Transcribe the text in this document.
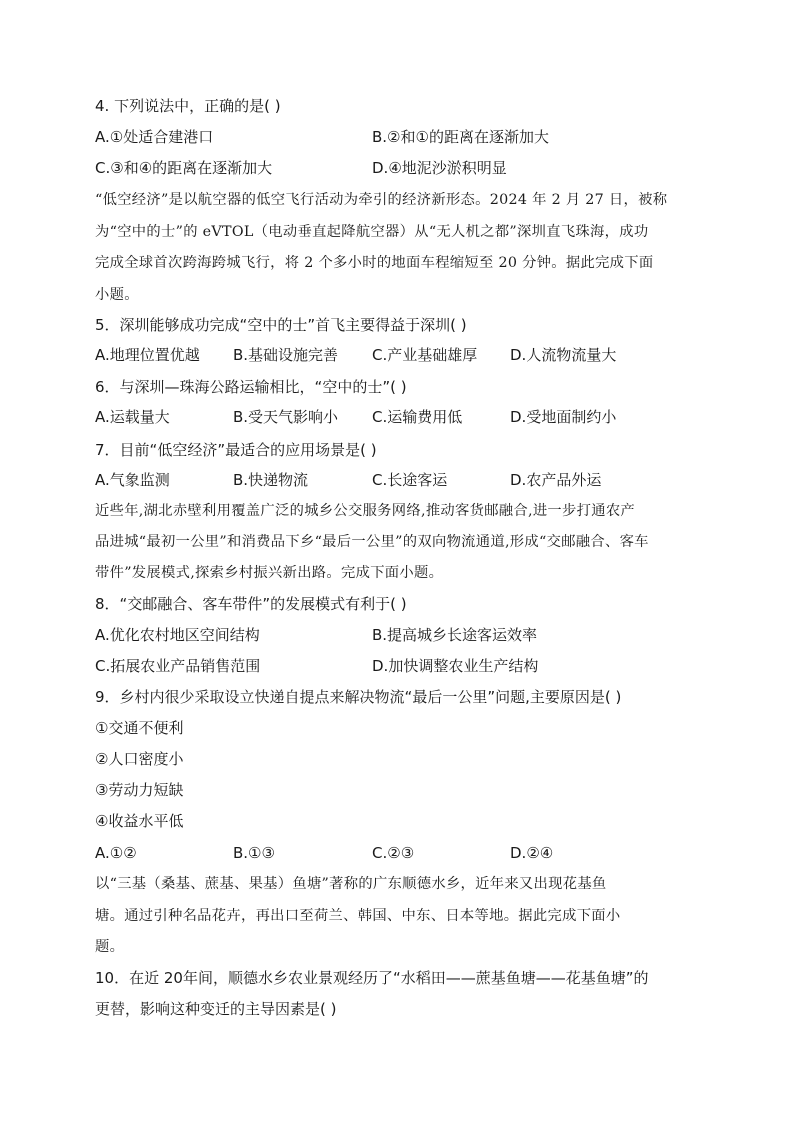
4. 下列说法中，正确的是( )
A.①处适合建港口	B.②和①的距离在逐渐加大
C.③和④的距离在逐渐加大	D.④地泥沙淤积明显
“低空经济”是以航空器的低空飞行活动为牵引的经济新形态。2024 年 2 月 27 日，被称
为“空中的士”的 eVTOL（电动垂直起降航空器）从“无人机之都”深圳直飞珠海，成功
完成全球首次跨海跨城飞行，将 2 个多小时的地面车程缩短至 20 分钟。据此完成下面
小题。
5．深圳能够成功完成“空中的士”首飞主要得益于深圳( )
A.地理位置优越 B.基础设施完善 C.产业基础雄厚 D.人流物流量大
6．与深圳—珠海公路运输相比，“空中的士”( )
A.运载量大	B.受天气影响小 C.运输费用低	D.受地面制约小
7．目前“低空经济”最适合的应用场景是( )
A.气象监测	B.快递物流	C.长途客运	D.农产品外运
近些年,湖北赤壁利用覆盖广泛的城乡公交服务网络,推动客货邮融合,进一步打通农产
品进城“最初一公里”和消费品下乡“最后一公里”的双向物流通道,形成“交邮融合、客车
带件”发展模式,探索乡村振兴新出路。完成下面小题。
8．“交邮融合、客车带件”的发展模式有利于( )
A.优化农村地区空间结构	B.提高城乡长途客运效率
C.拓展农业产品销售范围	D.加快调整农业生产结构
9．乡村内很少采取设立快递自提点来解决物流“最后一公里”问题,主要原因是( )
①交通不便利
②人口密度小
③劳动力短缺
④收益水平低
A.①②	B.①③	C.②③	D.②④
以“三基（桑基、蔗基、果基）鱼塘”著称的广东顺德水乡，近年来又出现花基鱼
塘。通过引种名品花卉，再出口至荷兰、韩国、中东、日本等地。据此完成下面小
题。
10．在近 20年间，顺德水乡农业景观经历了“水稻田——蔗基鱼塘——花基鱼塘”的
更替，影响这种变迁的主导因素是( )
